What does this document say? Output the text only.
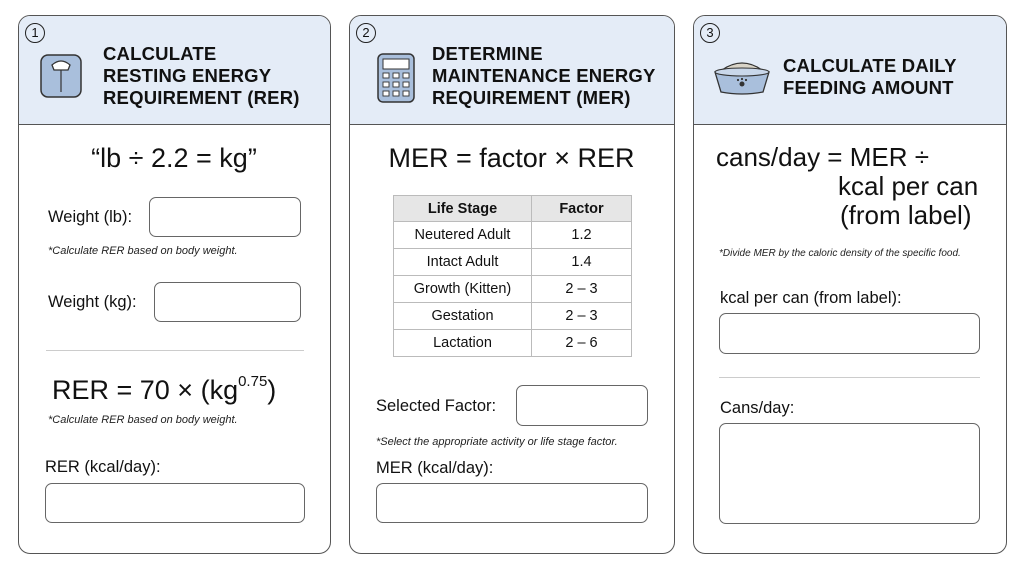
1
CALCULATE
RESTING ENERGY
REQUIREMENT (RER)
“lb ÷ 2.2 = kg”
Weight (lb):
*Calculate RER based on body weight.
Weight (kg):
RER = $70 \times (kg^{0.75})$
*Calculate RER based on body weight.
RER (kcal/day):
2
DETERMINE
MAINTENANCE ENERGY
REQUIREMENT (MER)
MER = factor × RER
Life Stage	Factor
Neutered Adult	1.2
Intact Adult	1.4
Growth (Kitten)	2 – 3
Gestation	2 – 3
Lactation	2 – 6
Selected Factor:
*Select the appropriate activity or life stage factor.
MER (kcal/day):
3
CALCULATE DAILY
FEEDING AMOUNT
cans/day = MER ÷
kcal per can
(from label)
*Divide MER by the caloric density of the specific food.
kcal per can (from label):
Cans/day:
